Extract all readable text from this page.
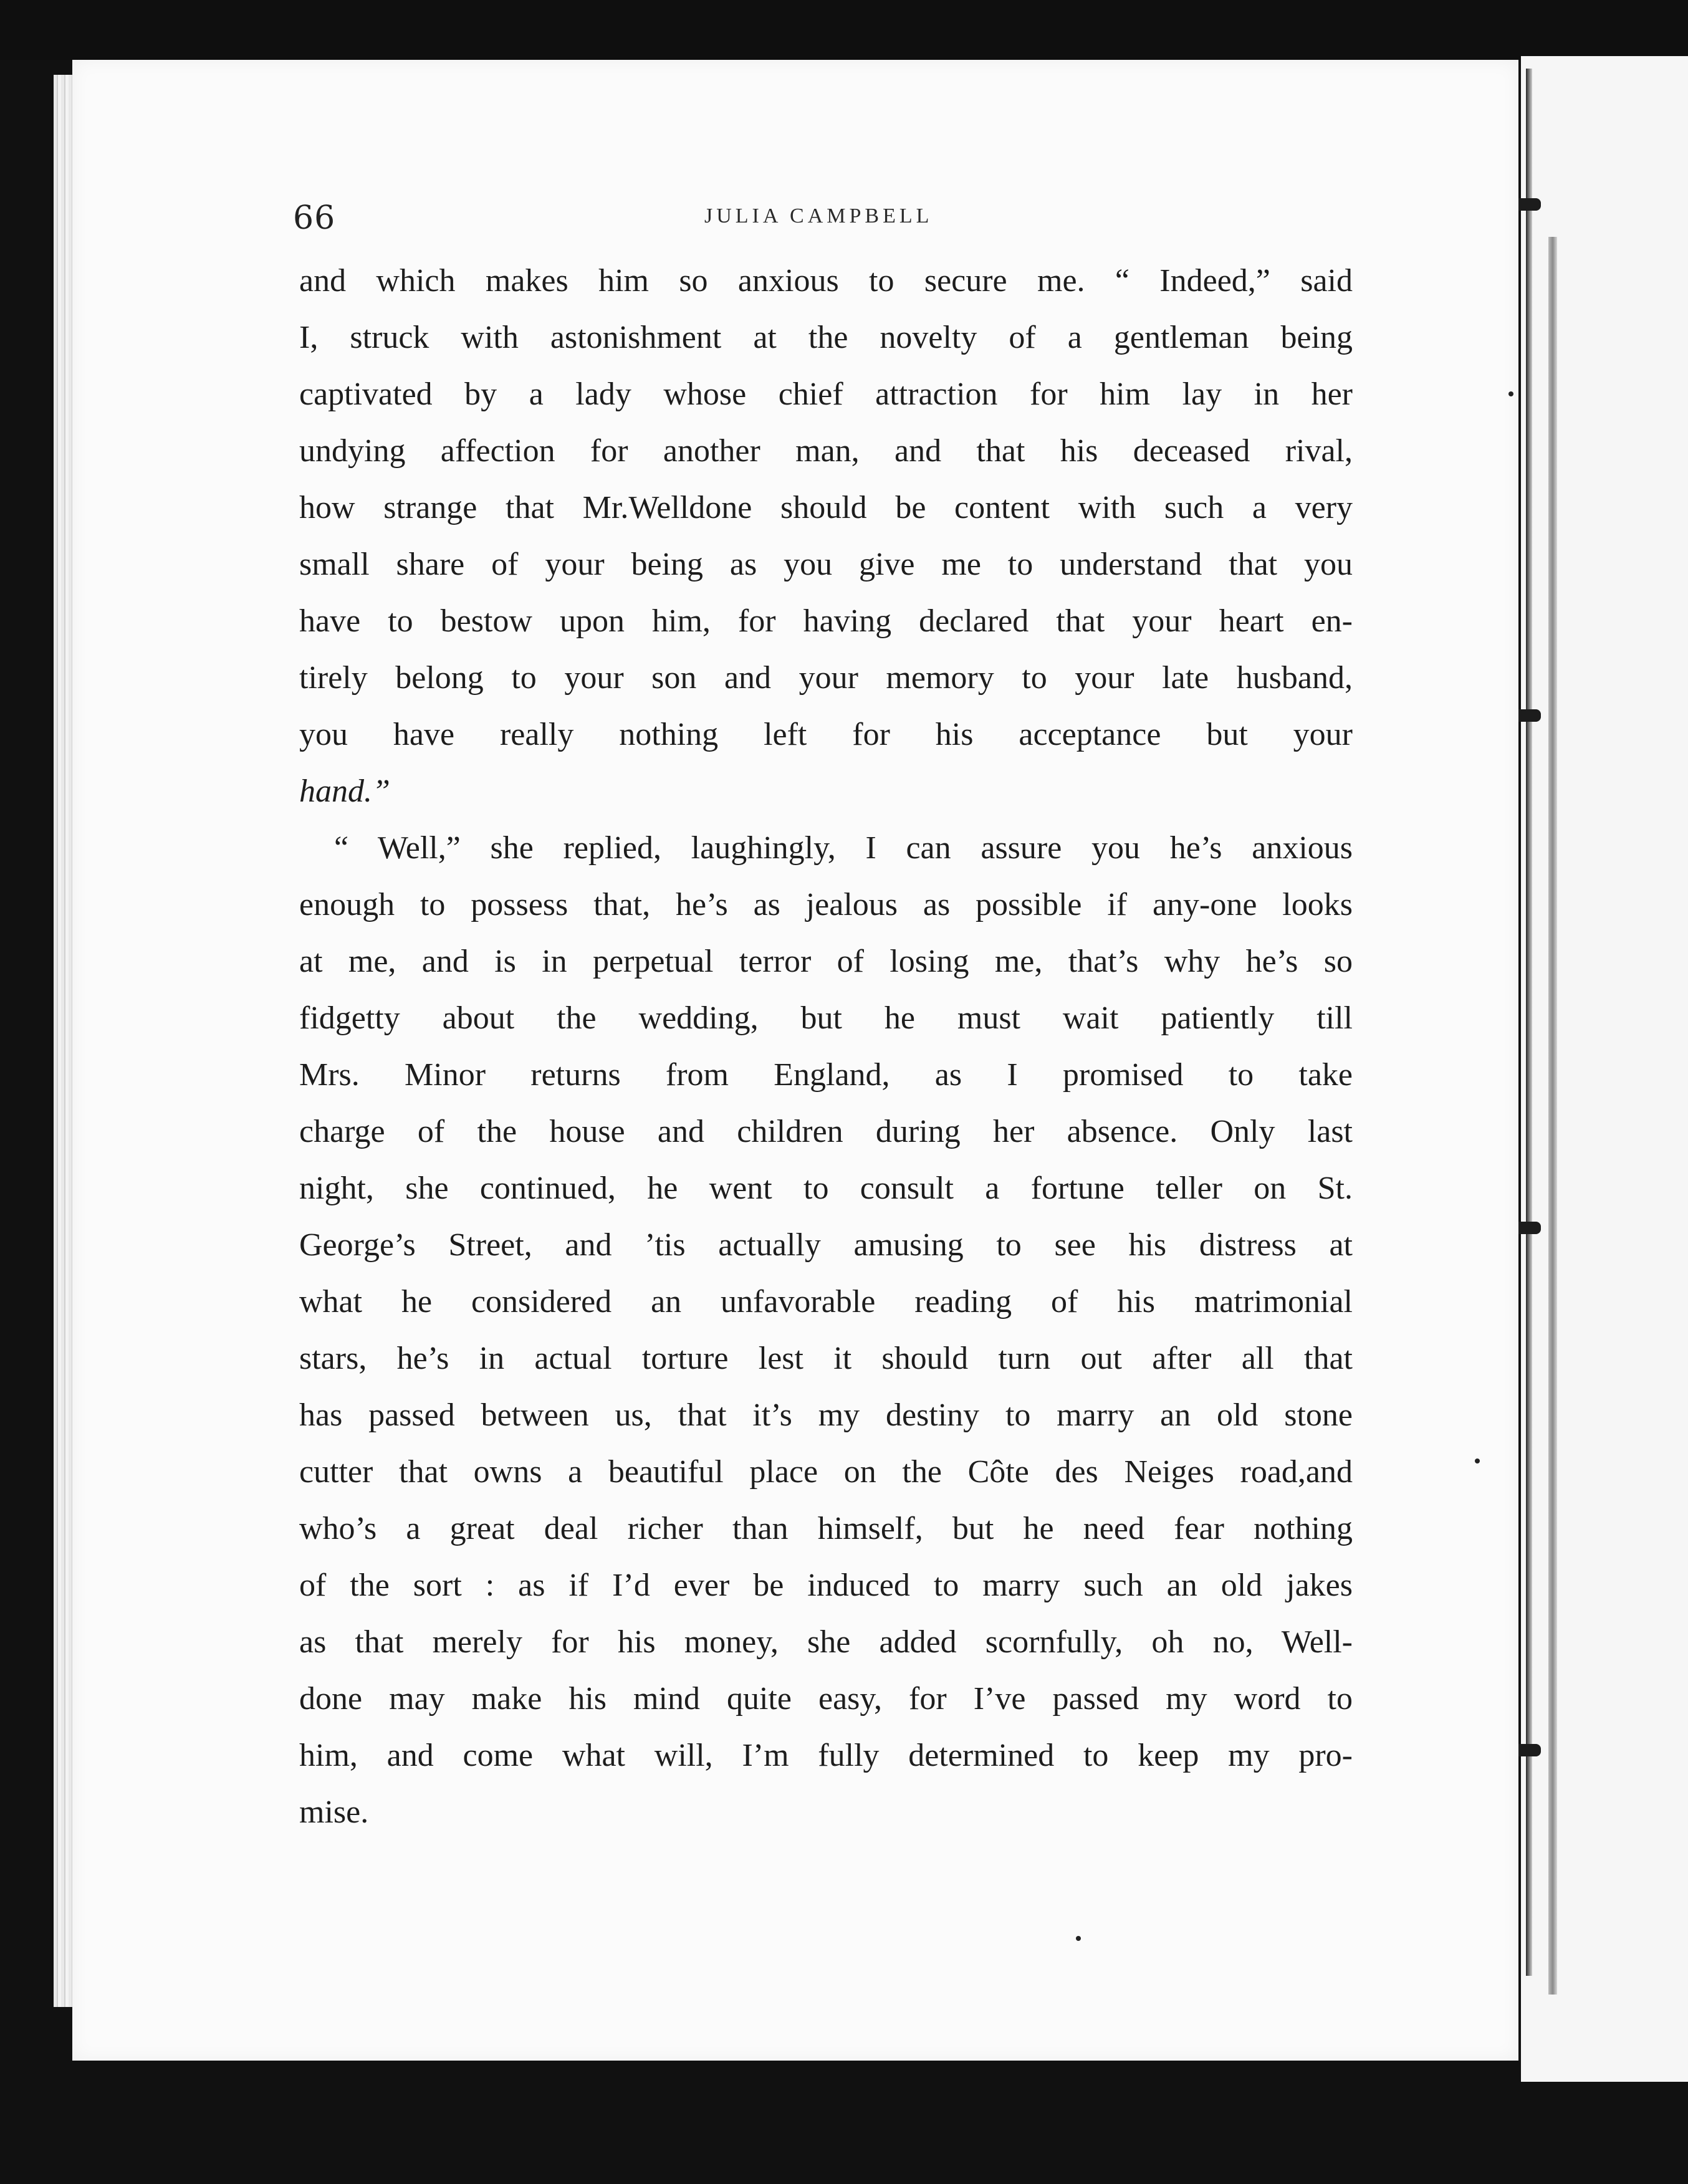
66	JULIA CAMPBELL
and which makes him so anxious to secure me. “ Indeed,” said
I, struck with astonishment at the novelty of a gentleman being
captivated by a lady whose chief attraction for him lay in her
undying affection for another man, and that his deceased rival,
how strange that Mr.Welldone should be content with such a very
small share of your being as you give me to understand that you
have to bestow upon him, for having declared that your heart en-
tirely belong to your son and your memory to your late husband,
you have really nothing left for his acceptance but your
hand.”
“ Well,” she replied, laughingly, I can assure you he’s anxious
enough to possess that, he’s as jealous as possible if any-one looks
at me, and is in perpetual terror of losing me, that’s why he’s so
fidgetty about the wedding, but he must wait patiently till
Mrs. Minor returns from England, as I promised to take
charge of the house and children during her absence. Only last
night, she continued, he went to consult a fortune teller on St.
George’s Street, and ’tis actually amusing to see his distress at
what he considered an unfavorable reading of his matrimonial
stars, he’s in actual torture lest it should turn out after all that
has passed between us, that it’s my destiny to marry an old stone
cutter that owns a beautiful place on the Côte des Neiges road,and
who’s a great deal richer than himself, but he need fear nothing
of the sort : as if I’d ever be induced to marry such an old jakes
as that merely for his money, she added scornfully, oh no, Well-
done may make his mind quite easy, for I’ve passed my word to
him, and come what will, I’m fully determined to keep my pro-
mise.
